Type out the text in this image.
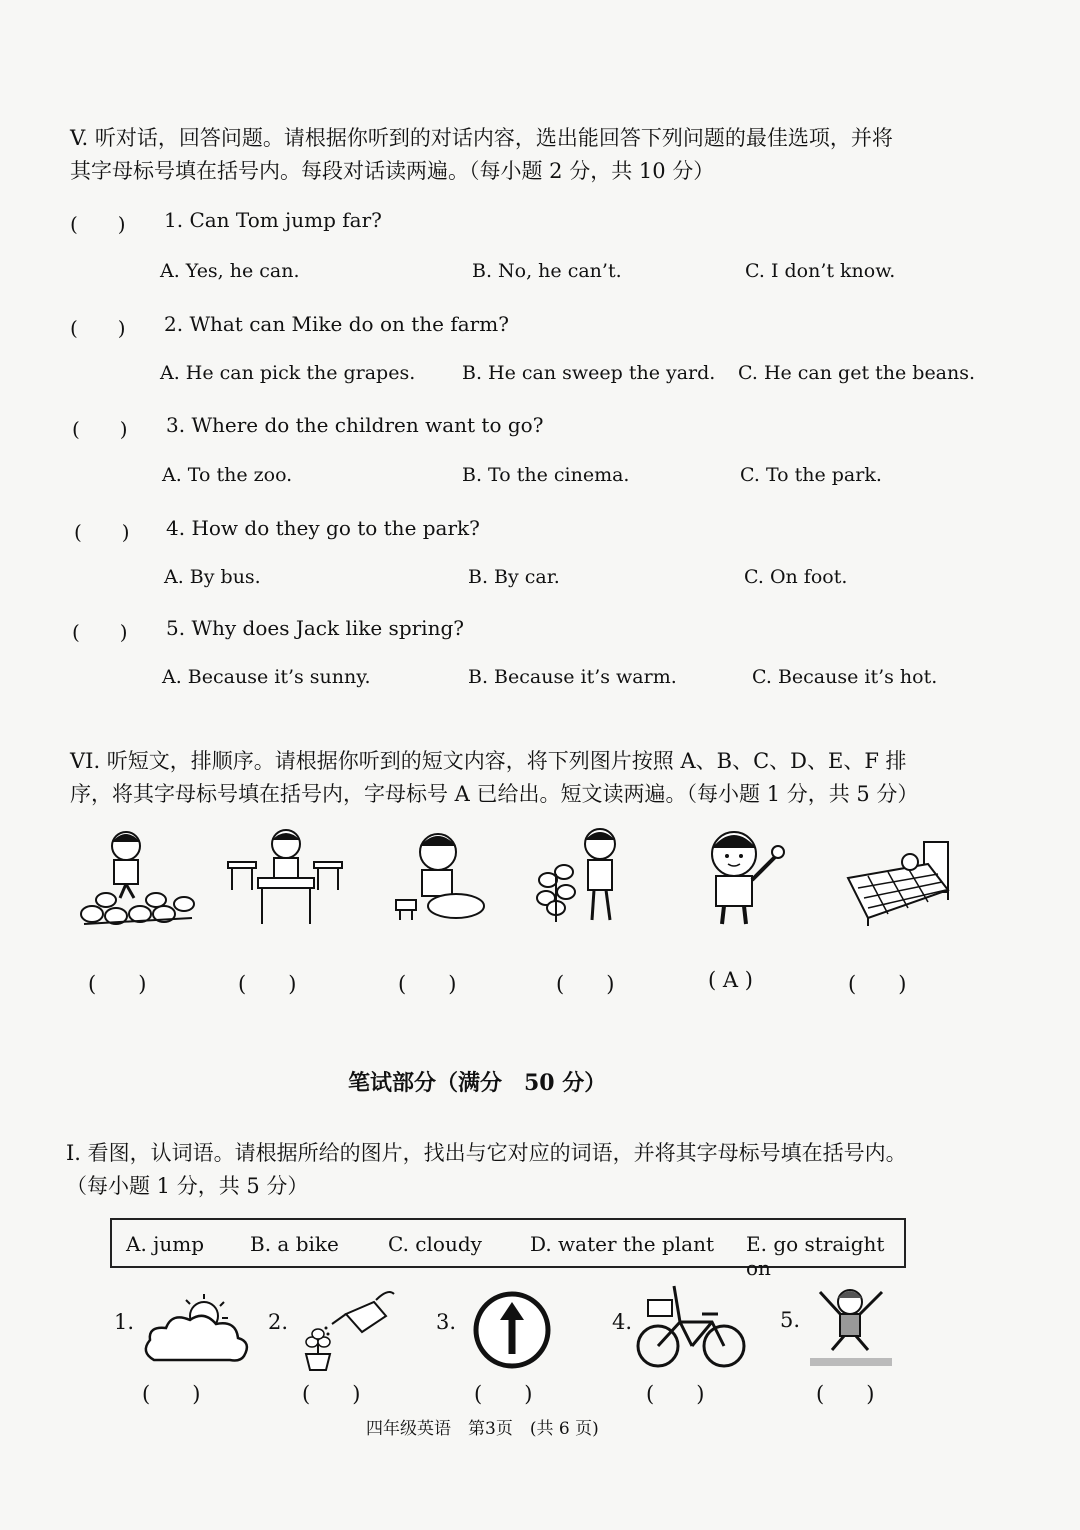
V. 听对话，回答问题。请根据你听到的对话内容，选出能回答下列问题的最佳选项，并将
其字母标号填在括号内。每段对话读两遍。（每小题 2 分，共 10 分）
(　　) 1. Can Tom jump far?
A. Yes, he can.	B. No, he can’t.	C. I don’t know.
(　　) 2. What can Mike do on the farm?
A. He can pick the grapes. B. He can sweep the yard. C. He can get the beans.
(　　) 3. Where do the children want to go?
A. To the zoo.	B. To the cinema.	C. To the park.
(　　) 4. How do they go to the park?
A. By bus.	B. By car.	C. On foot.
(　　) 5. Why does Jack like spring?
A. Because it’s sunny.	B. Because it’s warm.	C. Because it’s hot.
VI. 听短文，排顺序。请根据你听到的短文内容，将下列图片按照 A、B、C、D、E、F 排
序，将其字母标号填在括号内，字母标号 A 已给出。短文读两遍。（每小题 1 分，共 5 分）
(　　)	(　　)	(　　)	(　　)	( A )	(　　)
笔试部分（满分　50 分）
I. 看图，认词语。请根据所给的图片，找出与它对应的词语，并将其字母标号填在括号内。
（每小题 1 分，共 5 分）
A. jump B. a bike C. cloudy D. water the plant E. go straight on
1.	2.	3.	4.	5.
(　　)	(　　)	(　　)	(　　)	(　　)
四年级英语　第3页　(共 6 页)
